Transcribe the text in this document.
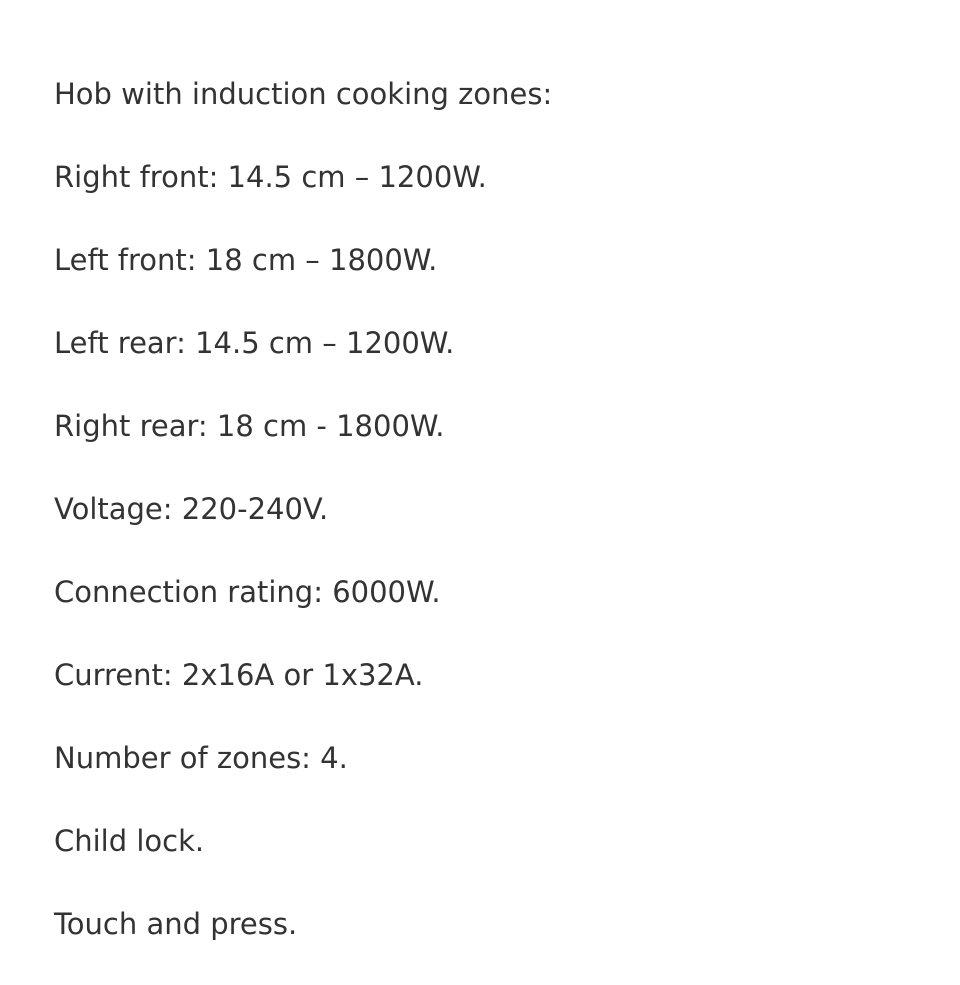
Hob with induction cooking zones:
Right front: 14.5 cm – 1200W.
Left front: 18 cm – 1800W.
Left rear: 14.5 cm – 1200W.
Right rear: 18 cm - 1800W.
Voltage: 220-240V.
Connection rating: 6000W.
Current: 2x16A or 1x32A.
Number of zones: 4.
Child lock.
Touch and press.
